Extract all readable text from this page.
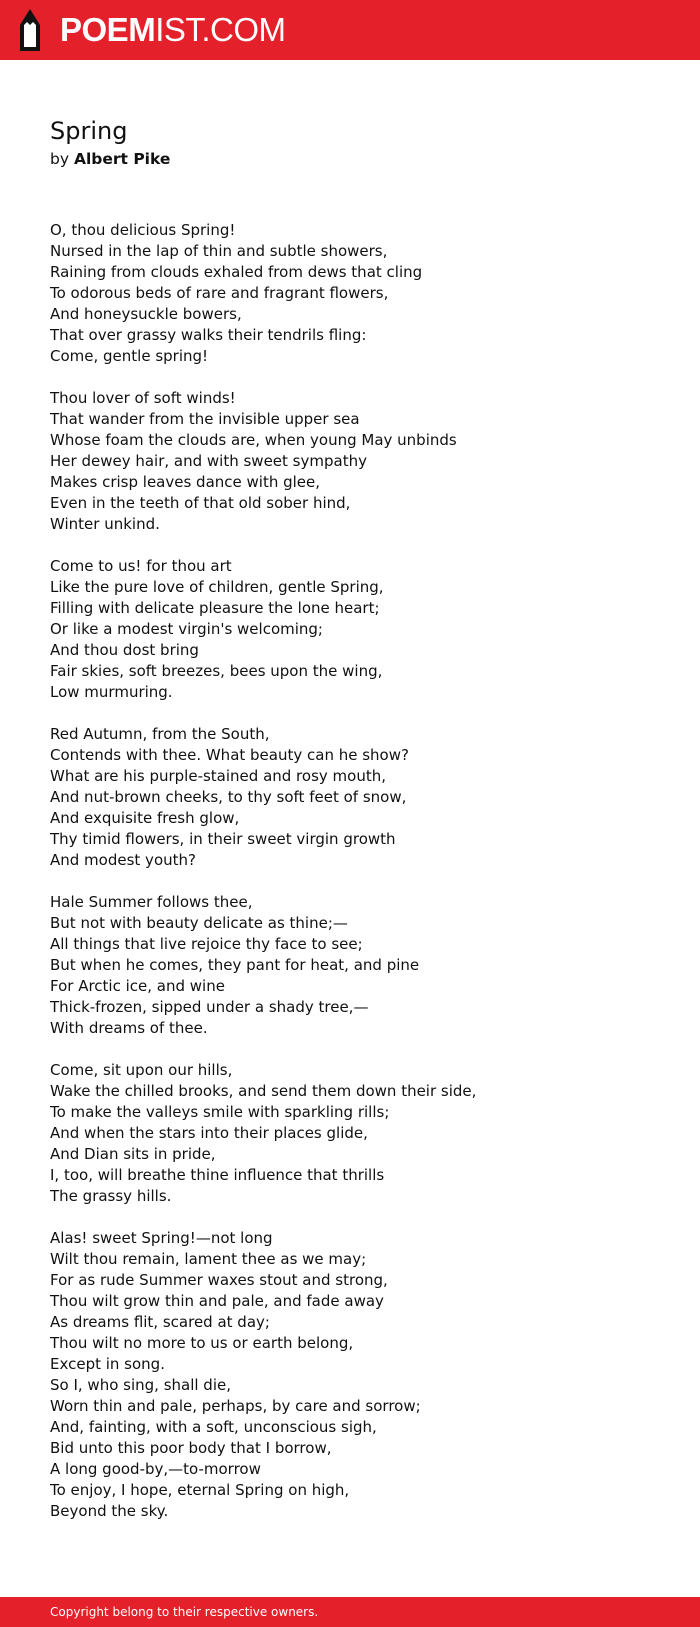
POEMIST.COM
Spring

by Albert Pike

O, thou delicious Spring!
Nursed in the lap of thin and subtle showers,
Raining from clouds exhaled from dews that cling
To odorous beds of rare and fragrant flowers,
And honeysuckle bowers,
That over grassy walks their tendrils fling:
Come, gentle spring!
Thou lover of soft winds!
That wander from the invisible upper sea
Whose foam the clouds are, when young May unbinds
Her dewey hair, and with sweet sympathy
Makes crisp leaves dance with glee,
Even in the teeth of that old sober hind,
Winter unkind.
Come to us! for thou art
Like the pure love of children, gentle Spring,
Filling with delicate pleasure the lone heart;
Or like a modest virgin's welcoming;
And thou dost bring
Fair skies, soft breezes, bees upon the wing,
Low murmuring.
Red Autumn, from the South,
Contends with thee. What beauty can he show?
What are his purple-stained and rosy mouth,
And nut-brown cheeks, to thy soft feet of snow,
And exquisite fresh glow,
Thy timid flowers, in their sweet virgin growth
And modest youth?
Hale Summer follows thee,
But not with beauty delicate as thine;—
All things that live rejoice thy face to see;
But when he comes, they pant for heat, and pine
For Arctic ice, and wine
Thick-frozen, sipped under a shady tree,—
With dreams of thee.
Come, sit upon our hills,
Wake the chilled brooks, and send them down their side,
To make the valleys smile with sparkling rills;
And when the stars into their places glide,
And Dian sits in pride,
I, too, will breathe thine influence that thrills
The grassy hills.
Alas! sweet Spring!—not long
Wilt thou remain, lament thee as we may;
For as rude Summer waxes stout and strong,
Thou wilt grow thin and pale, and fade away
As dreams flit, scared at day;
Thou wilt no more to us or earth belong,
Except in song.
So I, who sing, shall die,
Worn thin and pale, perhaps, by care and sorrow;
And, fainting, with a soft, unconscious sigh,
Bid unto this poor body that I borrow,
A long good-by,—to-morrow
To enjoy, I hope, eternal Spring on high,
Beyond the sky.
Copyright belong to their respective owners.
